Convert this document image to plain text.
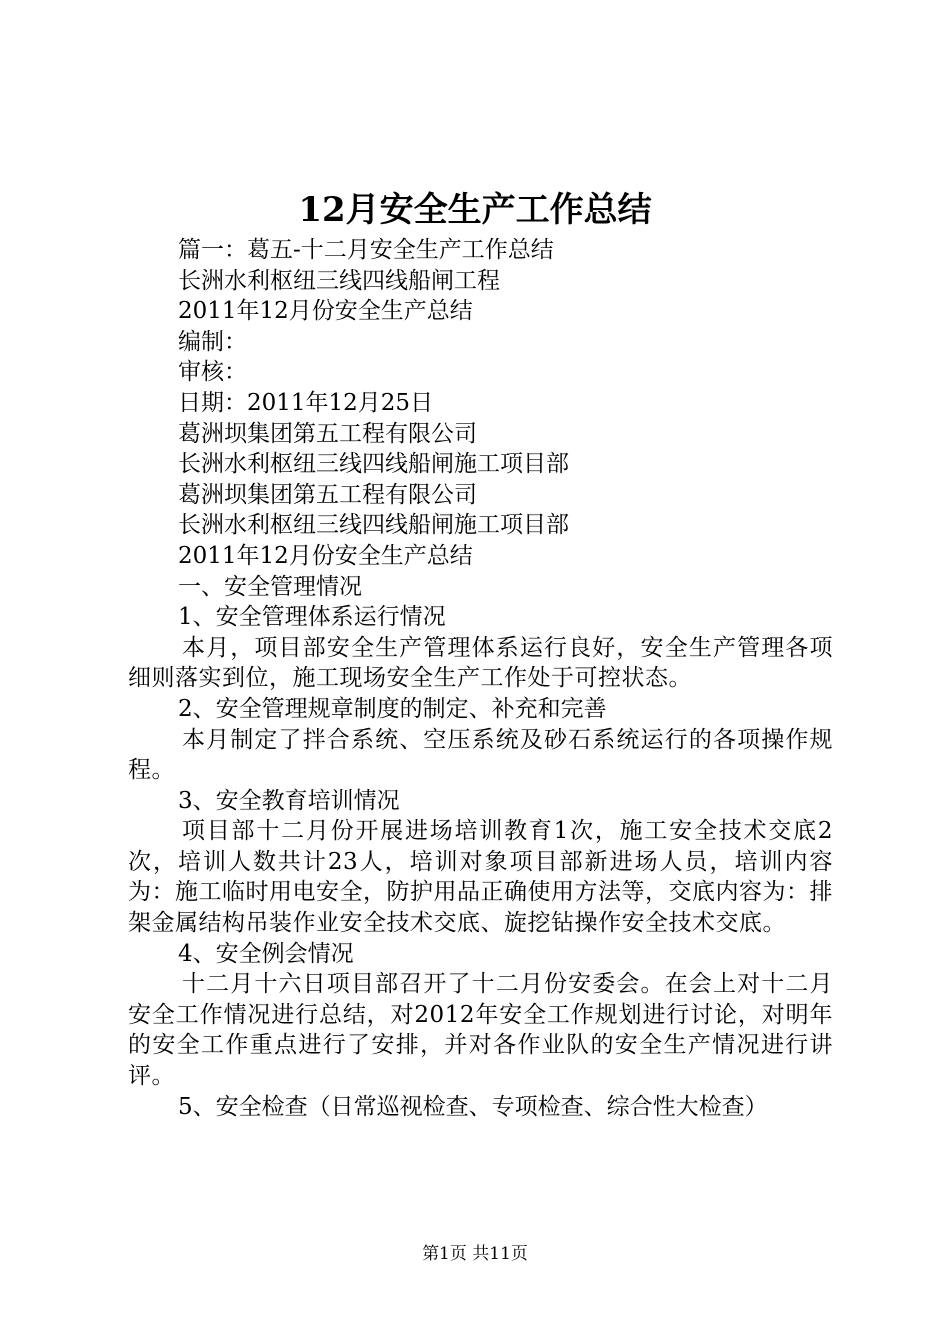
12月安全生产工作总结
篇一：葛五-十二月安全生产工作总结
长洲水利枢纽三线四线船闸工程
2011年12月份安全生产总结
编制：
审核：
日期：2011年12月25日
葛洲坝集团第五工程有限公司
长洲水利枢纽三线四线船闸施工项目部
葛洲坝集团第五工程有限公司
长洲水利枢纽三线四线船闸施工项目部
2011年12月份安全生产总结
一、安全管理情况
1、安全管理体系运行情况
本月，项目部安全生产管理体系运行良好，安全生产管理各项细则落实到位，施工现场安全生产工作处于可控状态。
2、安全管理规章制度的制定、补充和完善
本月制定了拌合系统、空压系统及砂石系统运行的各项操作规程。
3、安全教育培训情况
项目部十二月份开展进场培训教育1次，施工安全技术交底2次，培训人数共计23人，培训对象项目部新进场人员，培训内容为：施工临时用电安全，防护用品正确使用方法等，交底内容为：排架金属结构吊装作业安全技术交底、旋挖钻操作安全技术交底。
4、安全例会情况
十二月十六日项目部召开了十二月份安委会。在会上对十二月安全工作情况进行总结，对2012年安全工作规划进行讨论，对明年的安全工作重点进行了安排，并对各作业队的安全生产情况进行讲评。
5、安全检查（日常巡视检查、专项检查、综合性大检查）
第1页 共11页
